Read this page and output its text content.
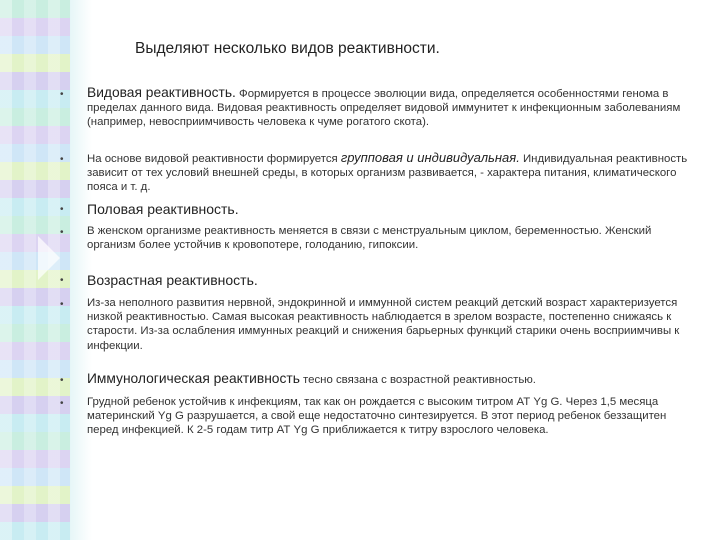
Выделяют несколько видов реактивности.
• Видовая реактивность. Формируется в процессе эволюции вида, определяется особенностями генома в пределах данного вида. Видовая реактивность определяет видовой иммунитет к инфекционным заболеваниям (например, невосприимчивость человека к чуме рогатого скота).
• На основе видовой реактивности формируется групповая и индивидуальная. Индивидуальная реактивность зависит от тех условий внешней среды, в которых организм развивается, - характера питания, климатического пояса и т. д.
• Половая реактивность.
• В женском организме реактивность меняется в связи с менструальным циклом, беременностью. Женский организм более устойчив к кровопотере, голоданию, гипоксии.
• Возрастная реактивность.
• Из-за неполного развития нервной, эндокринной и иммунной систем реакций детский возраст характеризуется низкой реактивностью. Самая высокая реактивность наблюдается в зрелом возрасте, постепенно снижаясь к старости. Из-за ослабления иммунных реакций и снижения барьерных функций старики очень восприимчивы к инфекции.
• Иммунологическая реактивность тесно связана с возрастной реактивностью.
• Грудной ребенок устойчив к инфекциям, так как он рождается с высоким титром АТ Yg G. Через 1,5 месяца материнский Yg G разрушается, а свой еще недостаточно синтезируется. В этот период ребенок беззащитен перед инфекцией. К 2-5 годам титр АТ Yg G приближается к титру взрослого человека.
